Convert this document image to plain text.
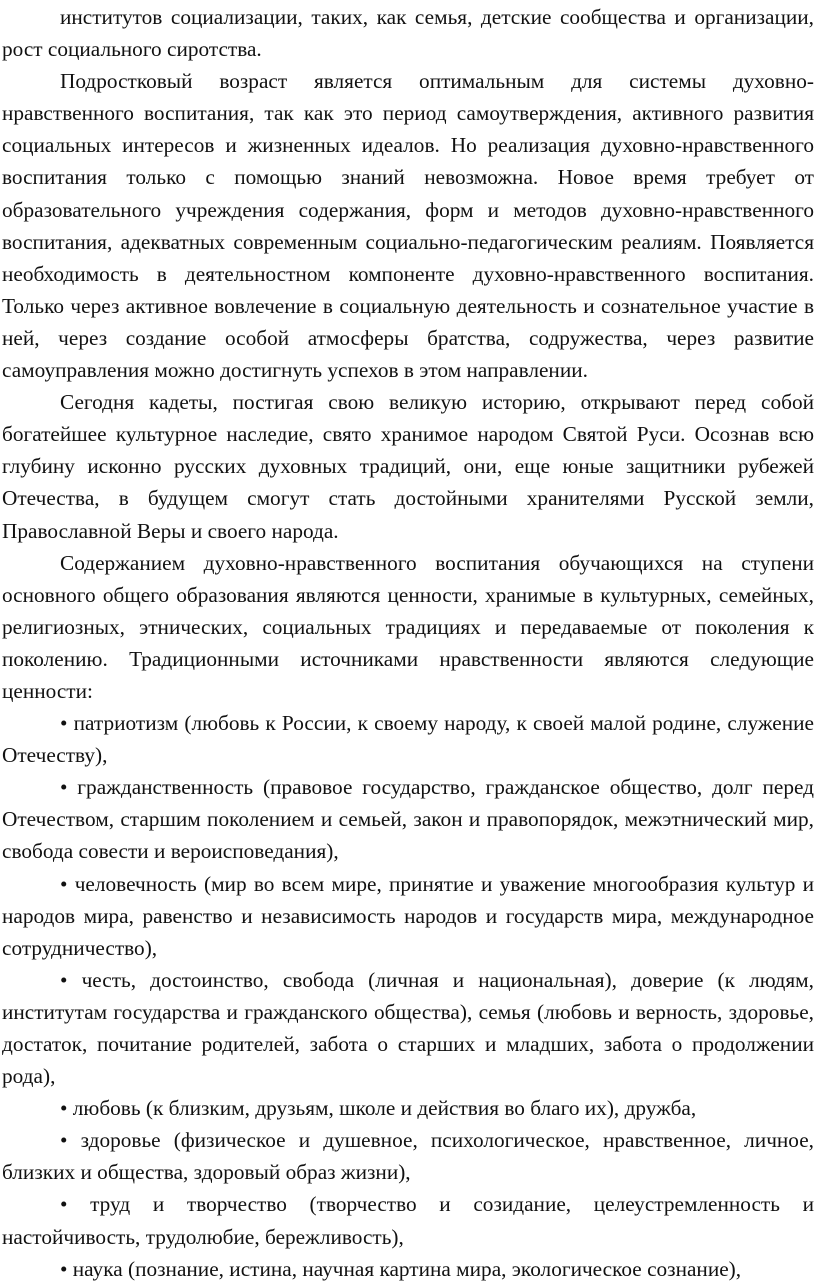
институтов социализации, таких, как семья, детские сообщества и организации, рост социального сиротства.

Подростковый возраст является оптимальным для системы духовно-нравственного воспитания, так как это период самоутверждения, активного развития социальных интересов и жизненных идеалов. Но реализация духовно-нравственного воспитания только с помощью знаний невозможна. Новое время требует от образовательного учреждения содержания, форм и методов духовно-нравственного воспитания, адекватных современным социально-педагогическим реалиям. Появляется необходимость в деятельностном компоненте духовно-нравственного воспитания. Только через активное вовлечение в социальную деятельность и сознательное участие в ней, через создание особой атмосферы братства, содружества, через развитие самоуправления можно достигнуть успехов в этом направлении.

Сегодня кадеты, постигая свою великую историю, открывают перед собой богатейшее культурное наследие, свято хранимое народом Святой Руси. Осознав всю глубину исконно русских духовных традиций, они, еще юные защитники рубежей Отечества, в будущем смогут стать достойными хранителями Русской земли, Православной Веры и своего народа.

Содержанием духовно-нравственного воспитания обучающихся на ступени основного общего образования являются ценности, хранимые в культурных, семейных, религиозных, этнических, социальных традициях и передаваемые от поколения к поколению. Традиционными источниками нравственности являются следующие ценности:

• патриотизм (любовь к России, к своему народу, к своей малой родине, служение Отечеству),

• гражданственность (правовое государство, гражданское общество, долг перед Отечеством, старшим поколением и семьей, закон и правопорядок, межэтнический мир, свобода совести и вероисповедания),

• человечность (мир во всем мире, принятие и уважение многообразия культур и народов мира, равенство и независимость народов и государств мира, международное сотрудничество),

• честь, достоинство, свобода (личная и национальная), доверие (к людям, институтам государства и гражданского общества), семья (любовь и верность, здоровье, достаток, почитание родителей, забота о старших и младших, забота о продолжении рода),

• любовь (к близким, друзьям, школе и действия во благо их), дружба,

• здоровье (физическое и душевное, психологическое, нравственное, личное, близких и общества, здоровый образ жизни),

• труд и творчество (творчество и созидание, целеустремленность и настойчивость, трудолюбие, бережливость),

• наука (познание, истина, научная картина мира, экологическое сознание),
